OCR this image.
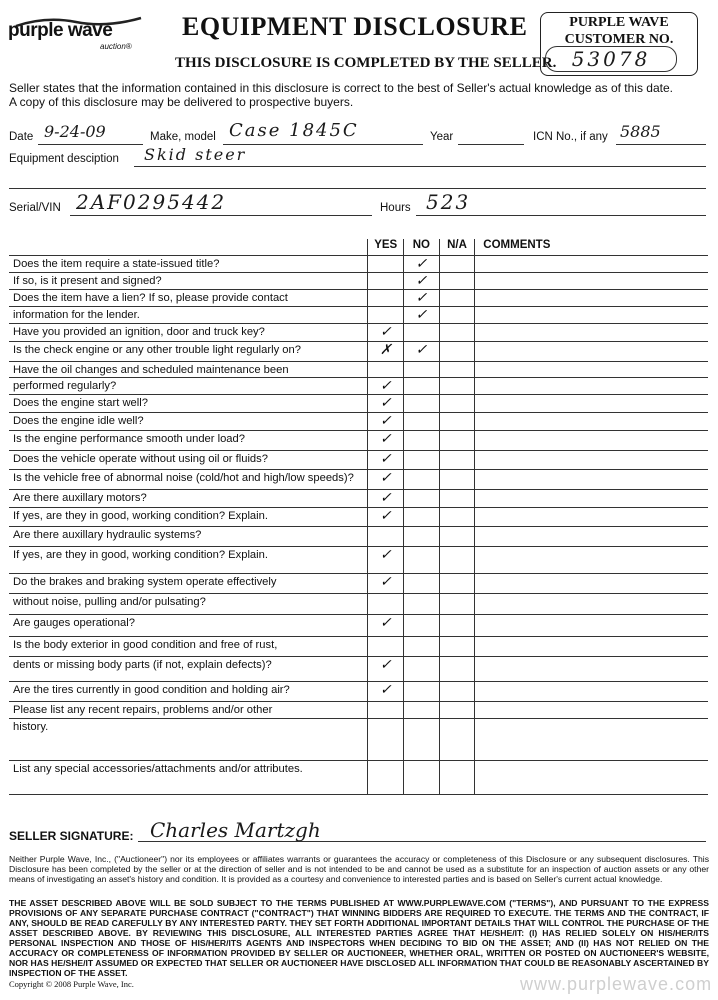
purple wave
auction®
EQUIPMENT DISCLOSURE
THIS DISCLOSURE IS COMPLETED BY THE SELLER.
PURPLE WAVE
CUSTOMER NO.
53078
Seller states that the information contained in this disclosure is correct to the best of Seller's actual knowledge as of this date.
A copy of this disclosure may be delivered to prospective buyers.
Date 9-24-09	Make, model Case 1845C	Year	ICN No., if any 5885
Equipment desciption Skid steer
Serial/VIN 2AF0295442	Hours 523
	YES	NO	N/A	COMMENTS
Does the item require a state-issued title?		✓		
If so, is it present and signed?		✓		
Does the item have a lien? If so, please provide contact		✓		
information for the lender.		✓		
Have you provided an ignition, door and truck key?	✓			
Is the check engine or any other trouble light regularly on?	✗	✓		
Have the oil changes and scheduled maintenance been				
performed regularly?	✓			
Does the engine start well?	✓			
Does the engine idle well?	✓			
Is the engine performance smooth under load?	✓			
Does the vehicle operate without using oil or fluids?	✓			
Is the vehicle free of abnormal noise (cold/hot and high/low speeds)?	✓			
Are there auxillary motors?	✓			
If yes, are they in good, working condition? Explain.	✓			
Are there auxillary hydraulic systems?				
If yes, are they in good, working condition? Explain.	✓			
Do the brakes and braking system operate effectively	✓			
without noise, pulling and/or pulsating?				
Are gauges operational?	✓			
Is the body exterior in good condition and free of rust,				
dents or missing body parts (if not, explain defects)?	✓			
Are the tires currently in good condition and holding air?	✓			
Please list any recent repairs, problems and/or other				
history.				
List any special accessories/attachments and/or attributes.				
SELLER SIGNATURE: Charles Martzgh
Neither Purple Wave, Inc., ("Auctioneer") nor its employees or affiliates warrants or guarantees the accuracy or completeness of this Disclosure or any subsequent disclosures. This Disclosure has been completed by the seller or at the direction of seller and is not intended to be and cannot be used as a substitute for an inspection of auction assets or any other means of investigating an asset's history and condition. It is provided as a courtesy and convenience to interested parties and is based on Seller's current actual knowledge.
THE ASSET DESCRIBED ABOVE WILL BE SOLD SUBJECT TO THE TERMS PUBLISHED AT WWW.PURPLEWAVE.COM ("TERMS"), AND PURSUANT TO THE EXPRESS PROVISIONS OF ANY SEPARATE PURCHASE CONTRACT ("CONTRACT") THAT WINNING BIDDERS ARE REQUIRED TO EXECUTE. THE TERMS AND THE CONTRACT, IF ANY, SHOULD BE READ CAREFULLY BY ANY INTERESTED PARTY. THEY SET FORTH ADDITIONAL IMPORTANT DETAILS THAT WILL CONTROL THE PURCHASE OF THE ASSET DESCRIBED ABOVE. BY REVIEWING THIS DISCLOSURE, ALL INTERESTED PARTIES AGREE THAT HE/SHE/IT: (I) HAS RELIED SOLELY ON HIS/HER/ITS PERSONAL INSPECTION AND THOSE OF HIS/HER/ITS AGENTS AND INSPECTORS WHEN DECIDING TO BID ON THE ASSET; AND (II) HAS NOT RELIED ON THE ACCURACY OR COMPLETENESS OF INFORMATION PROVIDED BY SELLER OR AUCTIONEER, WHETHER ORAL, WRITTEN OR POSTED ON AUCTIONEER'S WEBSITE, NOR HAS HE/SHE/IT ASSUMED OR EXPECTED THAT SELLER OR AUCTIONEER HAVE DISCLOSED ALL INFORMATION THAT COULD BE REASONABLY ASCERTAINED BY INSPECTION OF THE ASSET.
Copyright © 2008 Purple Wave, Inc.	www.purplewave.com
